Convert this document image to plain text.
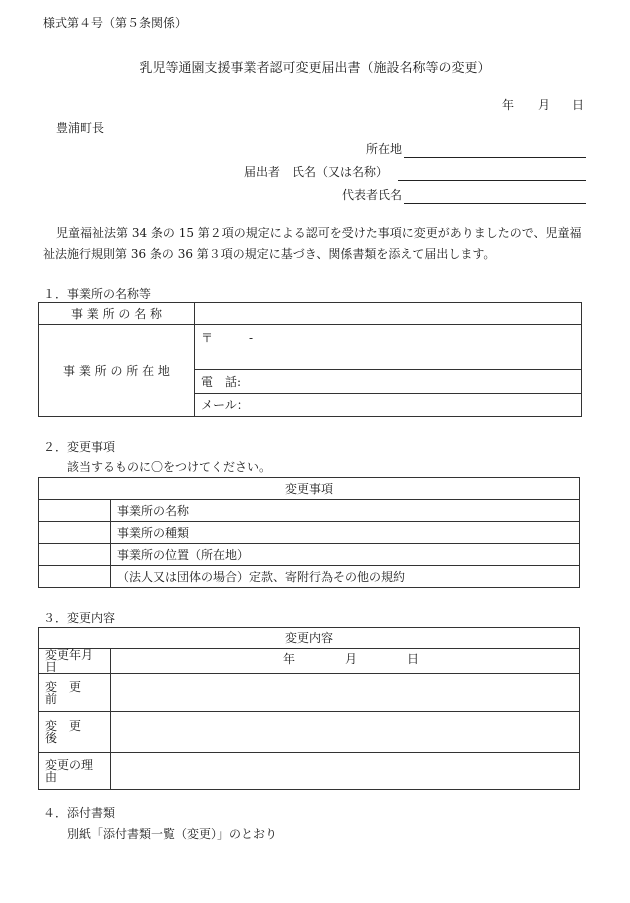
様式第４号（第５条関係）
乳児等通園支援事業者認可変更届出書（施設名称等の変更）
年 月 日
豊浦町長
所在地
届出者 氏名（又は名称）
代表者氏名
児童福祉法第 34 条の 15 第２項の規定による認可を受けた事項に変更がありましたので、児童福
祉法施行規則第 36 条の 36 第３項の規定に基づき、関係書類を添えて届出します。
１．事業所の名称等
事 業 所 の 名 称	
事 業 所 の 所 在 地	〒　　　-
	電　話:
	メール：
２．変更事項
該当するものに〇をつけてください。
変更事項	
	事業所の名称
	事業所の種類
	事業所の位置（所在地）
	（法人又は団体の場合）定款、寄附行為その他の規約
３．変更内容
変更内容	
変更年月日	年 月 日

変　更　前	
変　更　後	
変更の理由	
４．添付書類
別紙「添付書類一覧（変更）」のとおり
